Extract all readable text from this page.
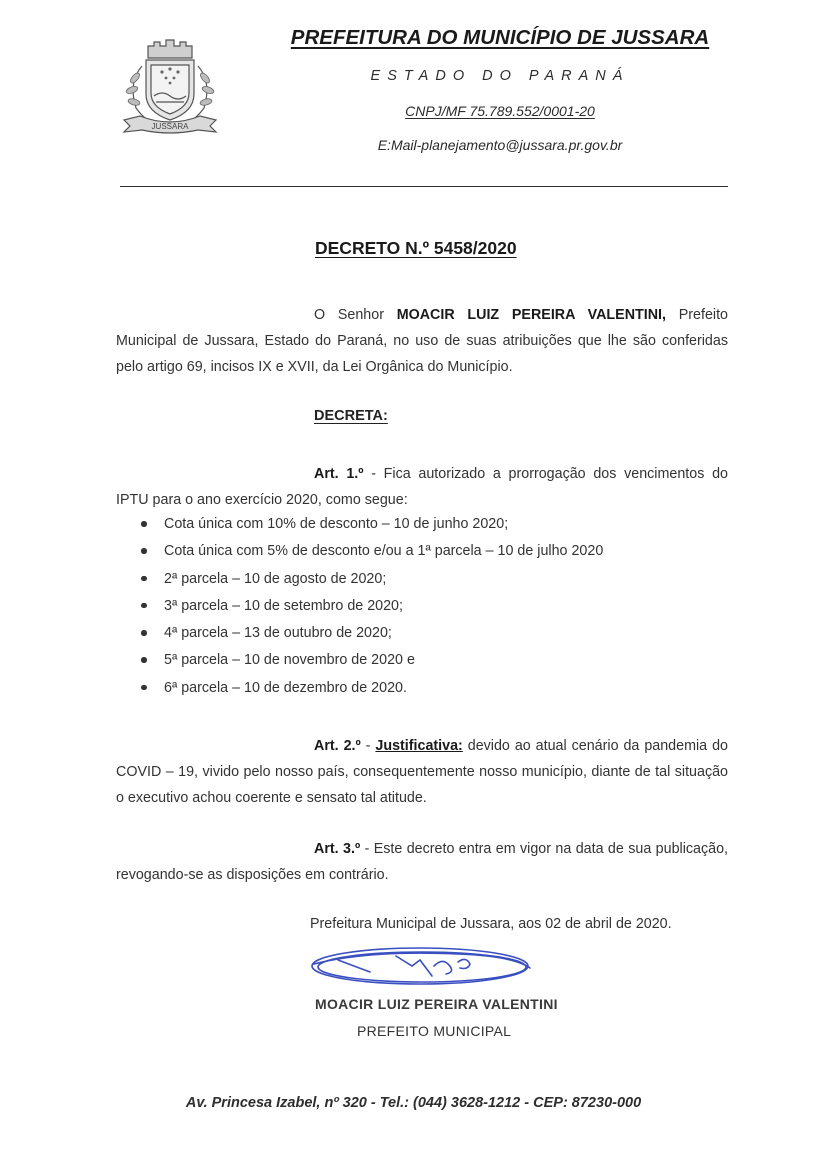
JUSSARA
PREFEITURA DO MUNICÍPIO DE JUSSARA
ESTADO DO PARANÁ
CNPJ/MF 75.789.552/0001-20
E:Mail-planejamento@jussara.pr.gov.br
DECRETO N.º 5458/2020

O Senhor MOACIR LUIZ PEREIRA VALENTINI, Prefeito Municipal de Jussara, Estado do Paraná, no uso de suas atribuições que lhe são conferidas pelo artigo 69, incisos IX e XVII, da Lei Orgânica do Município.

DECRETA:

Art. 1.º - Fica autorizado a prorrogação dos vencimentos do IPTU para o ano exercício 2020, como segue:

Cota única com 10% de desconto – 10 de junho 2020;
Cota única com 5% de desconto e/ou a 1ª parcela – 10 de julho 2020
2ª parcela – 10 de agosto de 2020;
3ª parcela – 10 de setembro de 2020;
4ª parcela – 13 de outubro de 2020;
5ª parcela – 10 de novembro de 2020 e
6ª parcela – 10 de dezembro de 2020.

Art. 2.º - Justificativa: devido ao atual cenário da pandemia do COVID – 19, vivido pelo nosso país, consequentemente nosso município, diante de tal situação o executivo achou coerente e sensato tal atitude.

Art. 3.º - Este decreto entra em vigor na data de sua publicação, revogando-se as disposições em contrário.

Prefeitura Municipal de Jussara, aos 02 de abril de 2020.
MOACIR LUIZ PEREIRA VALENTINI
PREFEITO MUNICIPAL
Av. Princesa Izabel, nº 320 - Tel.: (044) 3628-1212 - CEP: 87230-000
